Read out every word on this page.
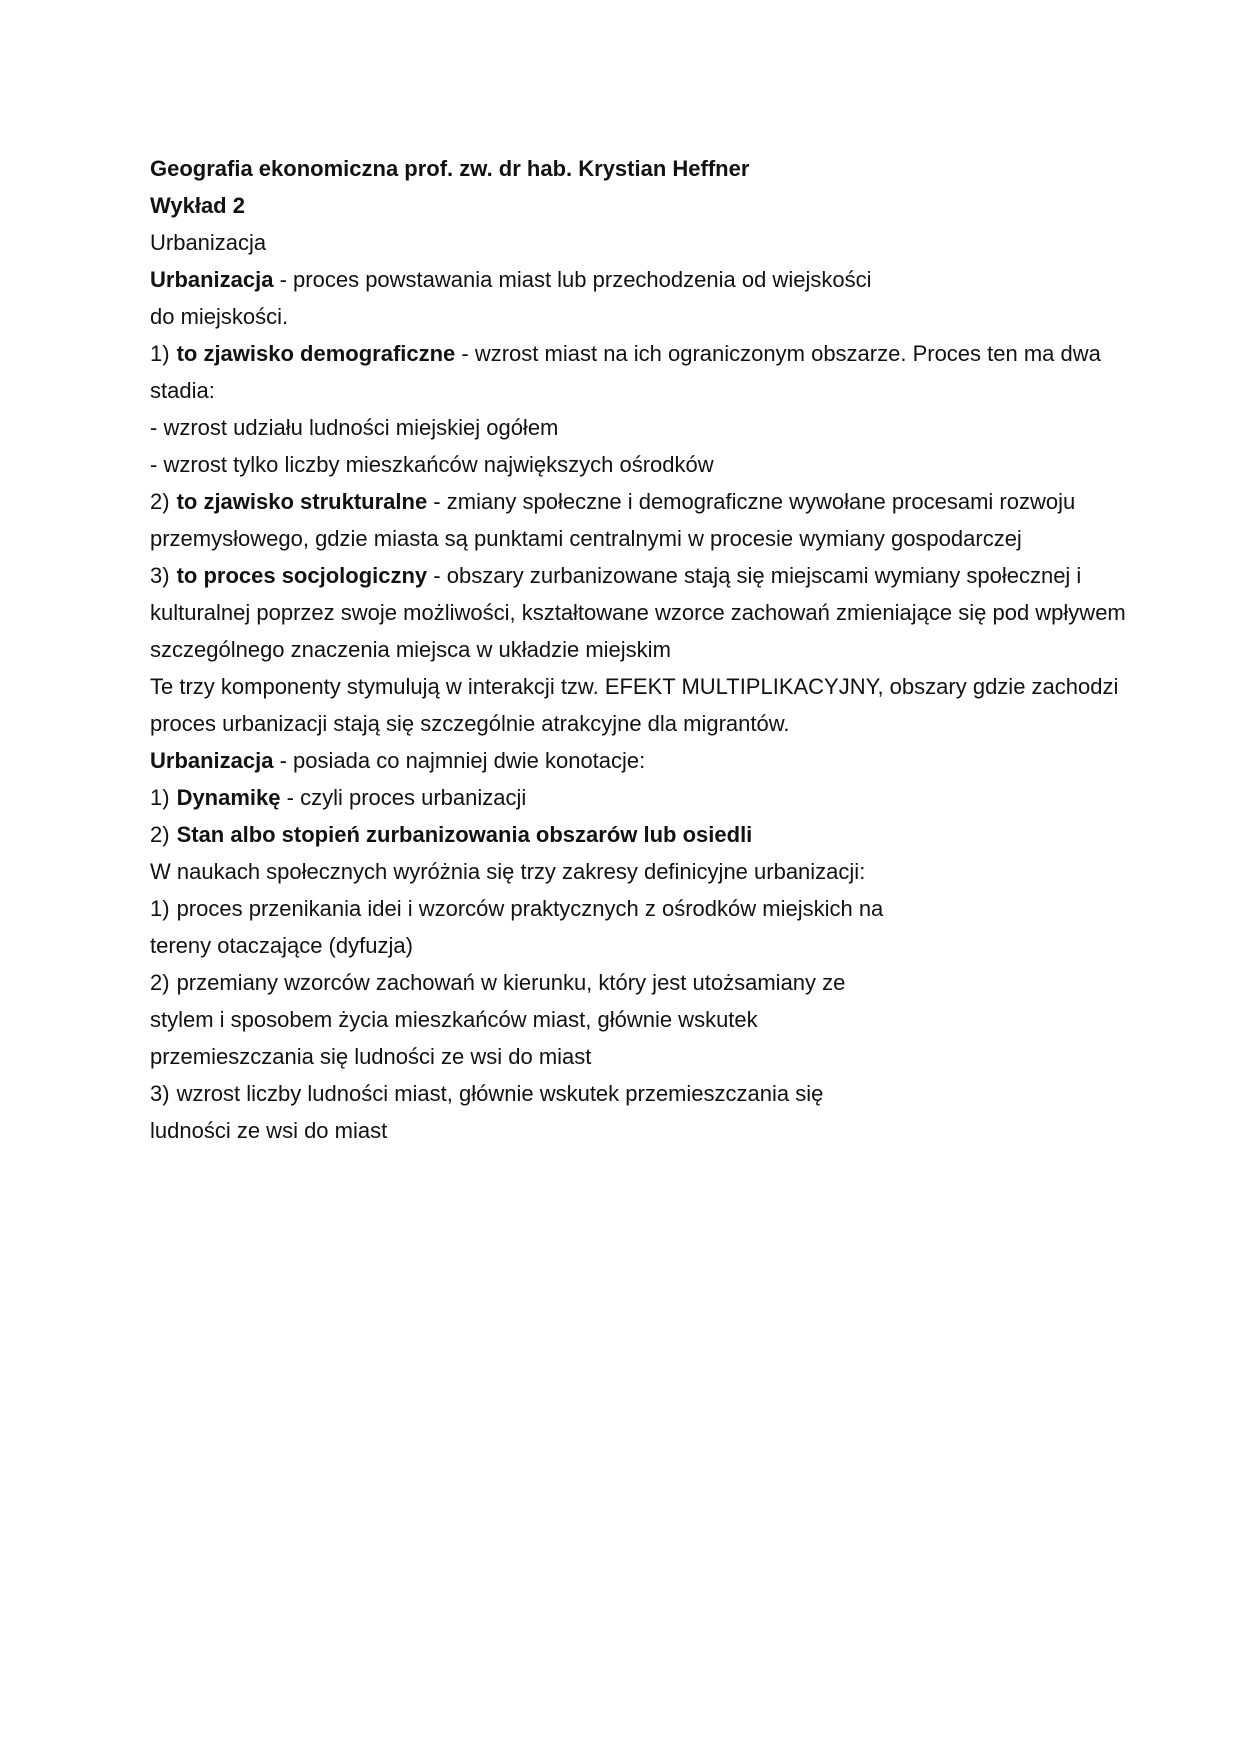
Geografia ekonomiczna prof. zw. dr hab. Krystian Heffner

Wykład 2

Urbanizacja

Urbanizacja - proces powstawania miast lub przechodzenia od wiejskości

do miejskości.

1) to zjawisko demograficzne - wzrost miast na ich ograniczonym obszarze. Proces ten ma dwa stadia:

- wzrost udziału ludności miejskiej ogółem

- wzrost tylko liczby mieszkańców największych ośrodków

2) to zjawisko strukturalne - zmiany społeczne i demograficzne wywołane procesami rozwoju przemysłowego, gdzie miasta są punktami centralnymi w procesie wymiany gospodarczej

3) to proces socjologiczny - obszary zurbanizowane stają się miejscami wymiany społecznej i kulturalnej poprzez swoje możliwości, kształtowane wzorce zachowań zmieniające się pod wpływem szczególnego znaczenia miejsca w układzie miejskim

Te trzy komponenty stymulują w interakcji tzw. EFEKT MULTIPLIKACYJNY, obszary gdzie zachodzi proces urbanizacji stają się szczególnie atrakcyjne dla migrantów.

Urbanizacja - posiada co najmniej dwie konotacje:

1) Dynamikę - czyli proces urbanizacji

2) Stan albo stopień zurbanizowania obszarów lub osiedli

W naukach społecznych wyróżnia się trzy zakresy definicyjne urbanizacji:

1) proces przenikania idei i wzorców praktycznych z ośrodków miejskich na
tereny otaczające (dyfuzja)
2) przemiany wzorców zachowań w kierunku, który jest utożsamiany ze
stylem i sposobem życia mieszkańców miast, głównie wskutek
przemieszczania się ludności ze wsi do miast
3) wzrost liczby ludności miast, głównie wskutek przemieszczania się
ludności ze wsi do miast
